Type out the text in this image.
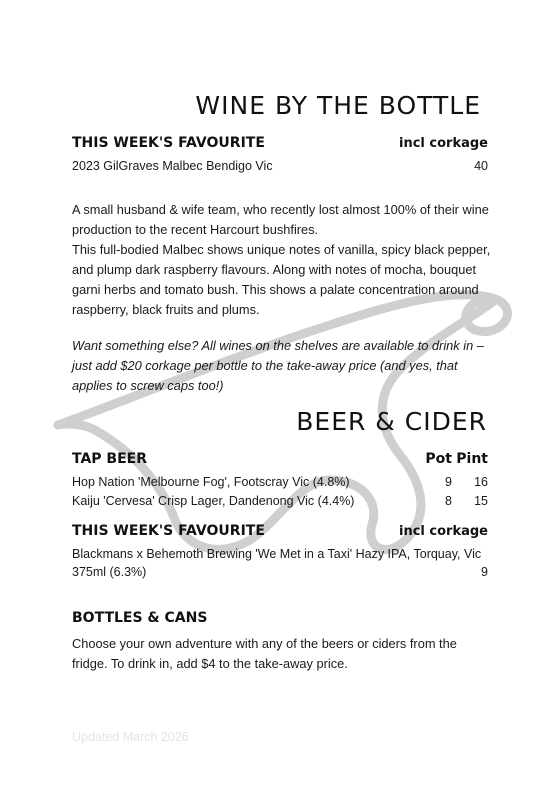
WINE BY THE BOTTLE
THIS WEEK'S FAVOURITE	incl corkage
2023 GilGraves Malbec Bendigo Vic	40

A small husband & wife team, who recently lost almost 100% of their wine production to the recent Harcourt bushfires.

This full-bodied Malbec shows unique notes of vanilla, spicy black pepper, and plump dark raspberry flavours. Along with notes of mocha, bouquet garni herbs and tomato bush. This shows a palate concentration around raspberry, black fruits and plums.

Want something else? All wines on the shelves are available to drink in – just add $20 corkage per bottle to the take-away price (and yes, that applies to screw caps too!)

BEER & CIDER
TAP BEER	Pot Pint
Hop Nation 'Melbourne Fog', Footscray Vic (4.8%)	9	16
Kaiju 'Cervesa' Crisp Lager, Dandenong Vic (4.4%)	8	15
THIS WEEK'S FAVOURITE	incl corkage
Blackmans x Behemoth Brewing 'We Met in a Taxi' Hazy IPA, Torquay, Vic 375ml (6.3%)	9
BOTTLES & CANS

Choose your own adventure with any of the beers or ciders from the fridge. To drink in, add $4 to the take-away price.

Updated March 2026
